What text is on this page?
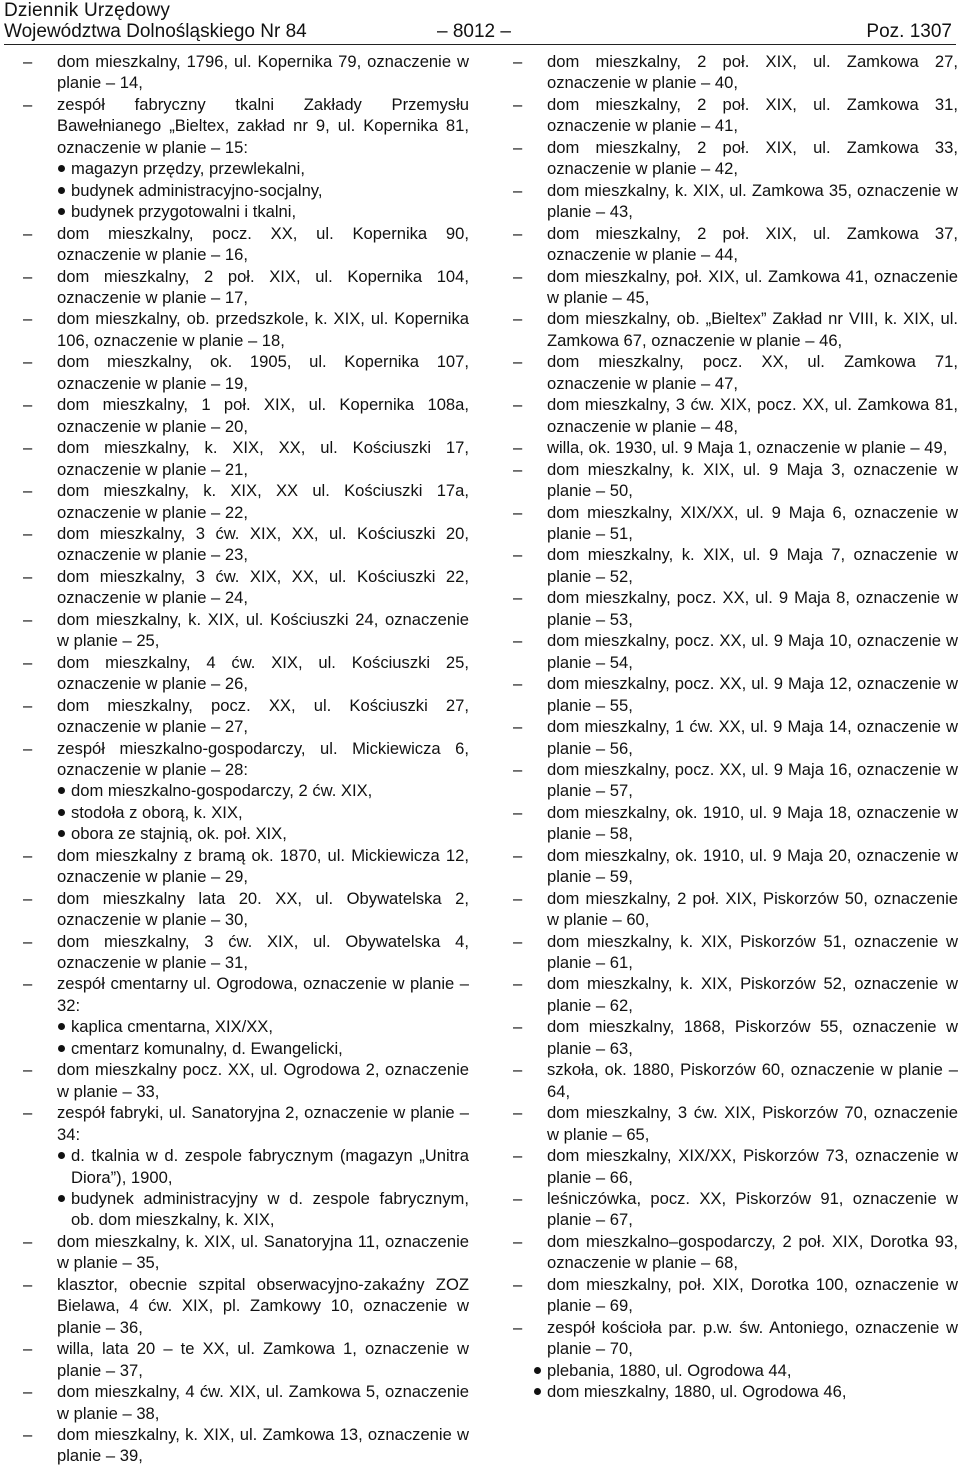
Dziennik Urzędowy
Województwa Dolnośląskiego Nr 84	– 8012 –	Poz. 1307
– dom mieszkalny, 1796, ul. Kopernika 79, oznaczenie w planie – 14,
– zespół fabryczny tkalni Zakłady Przemysłu Bawełnianego „Bieltex, zakład nr 9, ul. Kopernika 81, oznaczenie w planie – 15:
magazyn przędzy, przewlekalni,
budynek administracyjno-socjalny,
budynek przygotowalni i tkalni,
– dom mieszkalny, pocz. XX, ul. Kopernika 90, oznaczenie w planie – 16,
– dom mieszkalny, 2 poł. XIX, ul. Kopernika 104, oznaczenie w planie – 17,
– dom mieszkalny, ob. przedszkole, k. XIX, ul. Kopernika 106, oznaczenie w planie – 18,
– dom mieszkalny, ok. 1905, ul. Kopernika 107, oznaczenie w planie – 19,
– dom mieszkalny, 1 poł. XIX, ul. Kopernika 108a, oznaczenie w planie – 20,
– dom mieszkalny, k. XIX, XX, ul. Kościuszki 17, oznaczenie w planie – 21,
– dom mieszkalny, k. XIX, XX ul. Kościuszki 17a, oznaczenie w planie – 22,
– dom mieszkalny, 3 ćw. XIX, XX, ul. Kościuszki 20, oznaczenie w planie – 23,
– dom mieszkalny, 3 ćw. XIX, XX, ul. Kościuszki 22, oznaczenie w planie – 24,
– dom mieszkalny, k. XIX, ul. Kościuszki 24, oznaczenie w planie – 25,
– dom mieszkalny, 4 ćw. XIX, ul. Kościuszki 25, oznaczenie w planie – 26,
– dom mieszkalny, pocz. XX, ul. Kościuszki 27, oznaczenie w planie – 27,
– zespół mieszkalno-gospodarczy, ul. Mickiewicza 6, oznaczenie w planie – 28:
dom mieszkalno-gospodarczy, 2 ćw. XIX,
stodoła z oborą, k. XIX,
obora ze stajnią, ok. poł. XIX,
– dom mieszkalny z bramą ok. 1870, ul. Mickiewicza 12, oznaczenie w planie – 29,
– dom mieszkalny lata 20. XX, ul. Obywatelska 2, oznaczenie w planie – 30,
– dom mieszkalny, 3 ćw. XIX, ul. Obywatelska 4, oznaczenie w planie – 31,
– zespół cmentarny ul. Ogrodowa, oznaczenie w planie – 32:
kaplica cmentarna, XIX/XX,
cmentarz komunalny, d. Ewangelicki,
– dom mieszkalny pocz. XX, ul. Ogrodowa 2, oznaczenie w planie – 33,
– zespół fabryki, ul. Sanatoryjna 2, oznaczenie w planie – 34:
d. tkalnia w d. zespole fabrycznym (magazyn „Unitra Diora”), 1900,
budynek administracyjny w d. zespole fabrycznym, ob. dom mieszkalny, k. XIX,
– dom mieszkalny, k. XIX, ul. Sanatoryjna 11, oznaczenie w planie – 35,
– klasztor, obecnie szpital obserwacyjno-zakaźny ZOZ Bielawa, 4 ćw. XIX, pl. Zamkowy 10, oznaczenie w planie – 36,
– willa, lata 20 – te XX, ul. Zamkowa 1, oznaczenie w planie – 37,
– dom mieszkalny, 4 ćw. XIX, ul. Zamkowa 5, oznaczenie w planie – 38,
– dom mieszkalny, k. XIX, ul. Zamkowa 13, oznaczenie w planie – 39,
– dom mieszkalny, 2 poł. XIX, ul. Zamkowa 27, oznaczenie w planie – 40,
– dom mieszkalny, 2 poł. XIX, ul. Zamkowa 31, oznaczenie w planie – 41,
– dom mieszkalny, 2 poł. XIX, ul. Zamkowa 33, oznaczenie w planie – 42,
– dom mieszkalny, k. XIX, ul. Zamkowa 35, oznaczenie w planie – 43,
– dom mieszkalny, 2 poł. XIX, ul. Zamkowa 37, oznaczenie w planie – 44,
– dom mieszkalny, poł. XIX, ul. Zamkowa 41, oznaczenie w planie – 45,
– dom mieszkalny, ob. „Bieltex” Zakład nr VIII, k. XIX, ul. Zamkowa 67, oznaczenie w planie – 46,
– dom mieszkalny, pocz. XX, ul. Zamkowa 71, oznaczenie w planie – 47,
– dom mieszkalny, 3 ćw. XIX, pocz. XX, ul. Zamkowa 81, oznaczenie w planie – 48,
– willa, ok. 1930, ul. 9 Maja 1, oznaczenie w planie – 49,
– dom mieszkalny, k. XIX, ul. 9 Maja 3, oznaczenie w planie – 50,
– dom mieszkalny, XIX/XX, ul. 9 Maja 6, oznaczenie w planie – 51,
– dom mieszkalny, k. XIX, ul. 9 Maja 7, oznaczenie w planie – 52,
– dom mieszkalny, pocz. XX, ul. 9 Maja 8, oznaczenie w planie – 53,
– dom mieszkalny, pocz. XX, ul. 9 Maja 10, oznaczenie w planie – 54,
– dom mieszkalny, pocz. XX, ul. 9 Maja 12, oznaczenie w planie – 55,
– dom mieszkalny, 1 ćw. XX, ul. 9 Maja 14, oznaczenie w planie – 56,
– dom mieszkalny, pocz. XX, ul. 9 Maja 16, oznaczenie w planie – 57,
– dom mieszkalny, ok. 1910, ul. 9 Maja 18, oznaczenie w planie – 58,
– dom mieszkalny, ok. 1910, ul. 9 Maja 20, oznaczenie w planie – 59,
– dom mieszkalny, 2 poł. XIX, Piskorzów 50, oznaczenie w planie – 60,
– dom mieszkalny, k. XIX, Piskorzów 51, oznaczenie w planie – 61,
– dom mieszkalny, k. XIX, Piskorzów 52, oznaczenie w planie – 62,
– dom mieszkalny, 1868, Piskorzów 55, oznaczenie w planie – 63,
– szkoła, ok. 1880, Piskorzów 60, oznaczenie w planie – 64,
– dom mieszkalny, 3 ćw. XIX, Piskorzów 70, oznaczenie w planie – 65,
– dom mieszkalny, XIX/XX, Piskorzów 73, oznaczenie w planie – 66,
– leśniczówka, pocz. XX, Piskorzów 91, oznaczenie w planie – 67,
– dom mieszkalno–gospodarczy, 2 poł. XIX, Dorotka 93, oznaczenie w planie – 68,
– dom mieszkalny, poł. XIX, Dorotka 100, oznaczenie w planie – 69,
– zespół kościoła par. p.w. św. Antoniego, oznaczenie w planie – 70,
plebania, 1880, ul. Ogrodowa 44,
dom mieszkalny, 1880, ul. Ogrodowa 46,
